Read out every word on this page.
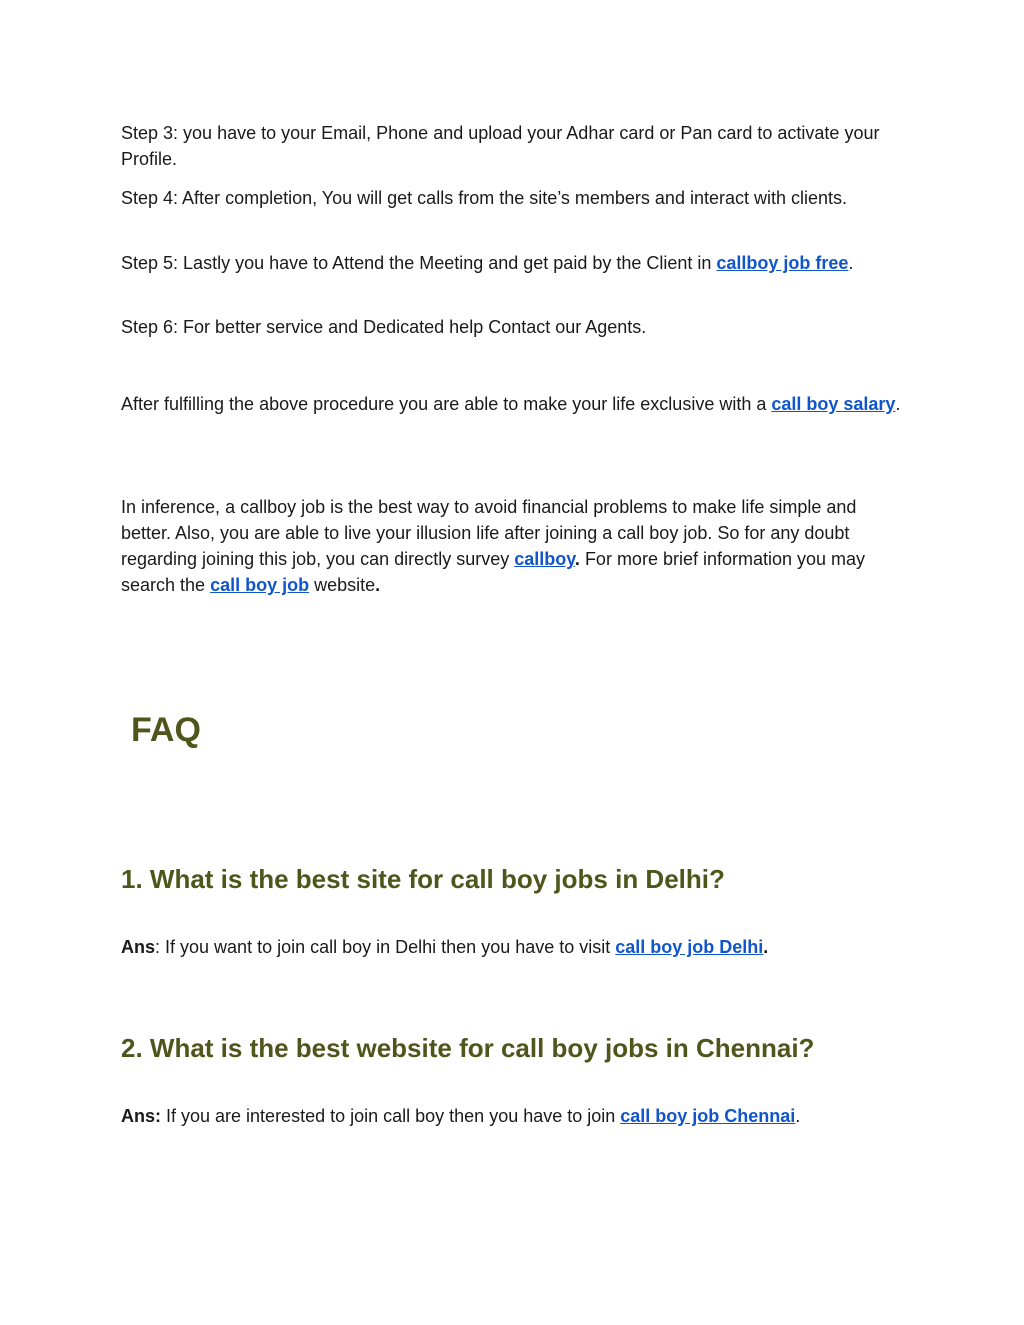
Step 3: you have to your Email, Phone and upload your Adhar card or Pan card to activate your Profile.

Step 4: After completion, You will get calls from the site’s members and interact with clients.

Step 5: Lastly you have to Attend the Meeting and get paid by the Client in callboy job free.

Step 6: For better service and Dedicated help Contact our Agents.

After fulfilling the above procedure you are able to make your life exclusive with a call boy salary.

In inference, a callboy job is the best way to avoid financial problems to make life simple and better. Also, you are able to live your illusion life after joining a call boy job. So for any doubt regarding joining this job, you can directly survey callboy. For more brief information you may search the call boy job website.

FAQ
1. What is the best site for call boy jobs in Delhi?

Ans: If you want to join call boy in Delhi then you have to visit call boy job Delhi.

2. What is the best website for call boy jobs in Chennai?

Ans: If you are interested to join call boy then you have to join call boy job Chennai.
